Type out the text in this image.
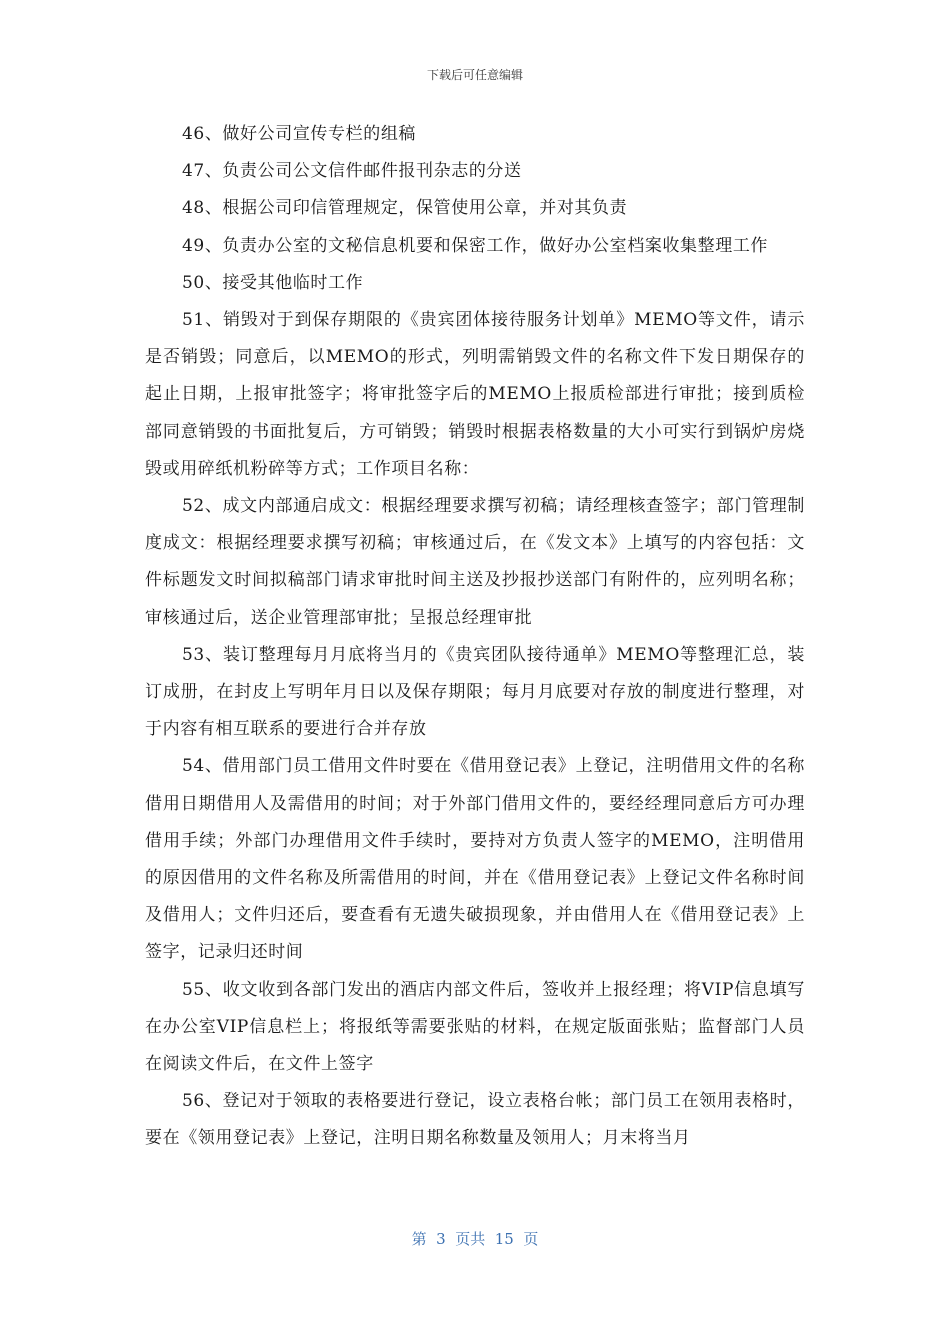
下载后可任意编辑

46、做好公司宣传专栏的组稿

47、负责公司公文信件邮件报刊杂志的分送

48、根据公司印信管理规定，保管使用公章，并对其负责

49、负责办公室的文秘信息机要和保密工作，做好办公室档案收集整理工作

50、接受其他临时工作

51、销毁对于到保存期限的《贵宾团体接待服务计划单》MEMO等文件，请示是否销毁；同意后，以MEMO的形式，列明需销毁文件的名称文件下发日期保存的起止日期，上报审批签字；将审批签字后的MEMO上报质检部进行审批；接到质检部同意销毁的书面批复后，方可销毁；销毁时根据表格数量的大小可实行到锅炉房烧毁或用碎纸机粉碎等方式；工作项目名称：

52、成文内部通启成文：根据经理要求撰写初稿；请经理核查签字；部门管理制度成文：根据经理要求撰写初稿；审核通过后，在《发文本》上填写的内容包括：文件标题发文时间拟稿部门请求审批时间主送及抄报抄送部门有附件的，应列明名称；审核通过后，送企业管理部审批；呈报总经理审批

53、装订整理每月月底将当月的《贵宾团队接待通单》MEMO等整理汇总，装订成册，在封皮上写明年月日以及保存期限；每月月底要对存放的制度进行整理，对于内容有相互联系的要进行合并存放

54、借用部门员工借用文件时要在《借用登记表》上登记，注明借用文件的名称借用日期借用人及需借用的时间；对于外部门借用文件的，要经经理同意后方可办理借用手续；外部门办理借用文件手续时，要持对方负责人签字的MEMO，注明借用的原因借用的文件名称及所需借用的时间，并在《借用登记表》上登记文件名称时间及借用人；文件归还后，要查看有无遗失破损现象，并由借用人在《借用登记表》上签字，记录归还时间

55、收文收到各部门发出的酒店内部文件后，签收并上报经理；将VIP信息填写在办公室VIP信息栏上；将报纸等需要张贴的材料，在规定版面张贴；监督部门人员在阅读文件后，在文件上签字

56、登记对于领取的表格要进行登记，设立表格台帐；部门员工在领用表格时，要在《领用登记表》上登记，注明日期名称数量及领用人；月末将当月

第  3  页共  15  页
